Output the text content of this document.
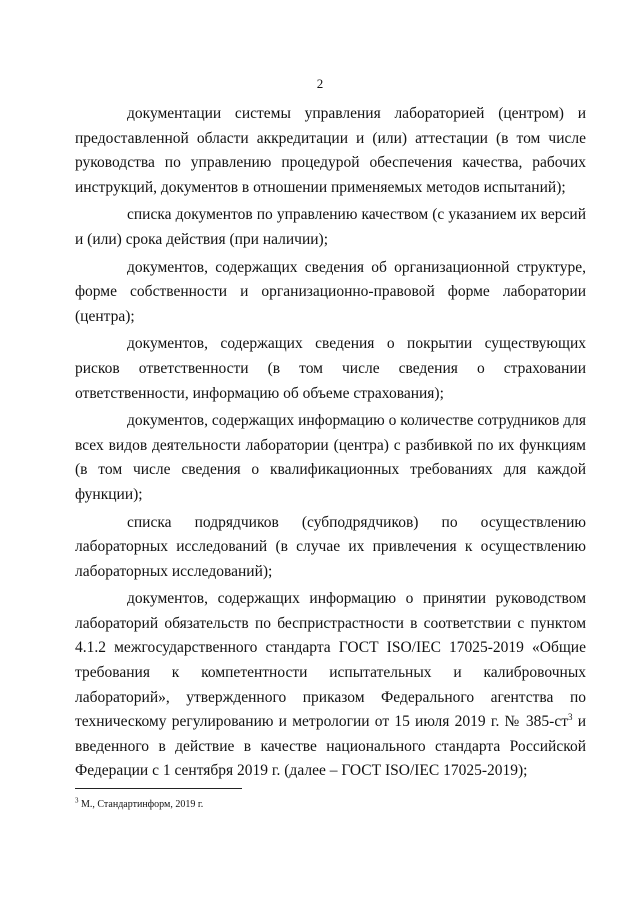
2

документации системы управления лабораторией (центром) и предоставленной области аккредитации и (или) аттестации (в том числе руководства по управлению процедурой обеспечения качества, рабочих инструкций, документов в отношении применяемых методов испытаний);

списка документов по управлению качеством (с указанием их версий и (или) срока действия (при наличии);

документов, содержащих сведения об организационной структуре, форме собственности и организационно-правовой форме лаборатории (центра);

документов, содержащих сведения о покрытии существующих рисков ответственности (в том числе сведения о страховании ответственности, информацию об объеме страхования);

документов, содержащих информацию о количестве сотрудников для всех видов деятельности лаборатории (центра) с разбивкой по их функциям (в том числе сведения о квалификационных требованиях для каждой функции);

списка подрядчиков (субподрядчиков) по осуществлению лабораторных исследований (в случае их привлечения к осуществлению лабораторных исследований);

документов, содержащих информацию о принятии руководством лабораторий обязательств по беспристрастности в соответствии с пунктом 4.1.2 межгосударственного стандарта ГОСТ ISO/IEC 17025-2019 «Общие требования к компетентности испытательных и калибровочных лабораторий», утвержденного приказом Федерального агентства по техническому регулированию и метрологии от 15 июля 2019 г. № $385-ст^3$ и введенного в действие в качестве национального стандарта Российской Федерации с 1 сентября 2019 г. (далее – ГОСТ ISO/IEC 17025-2019);

$^3$ М., Стандартинформ, 2019 г.
